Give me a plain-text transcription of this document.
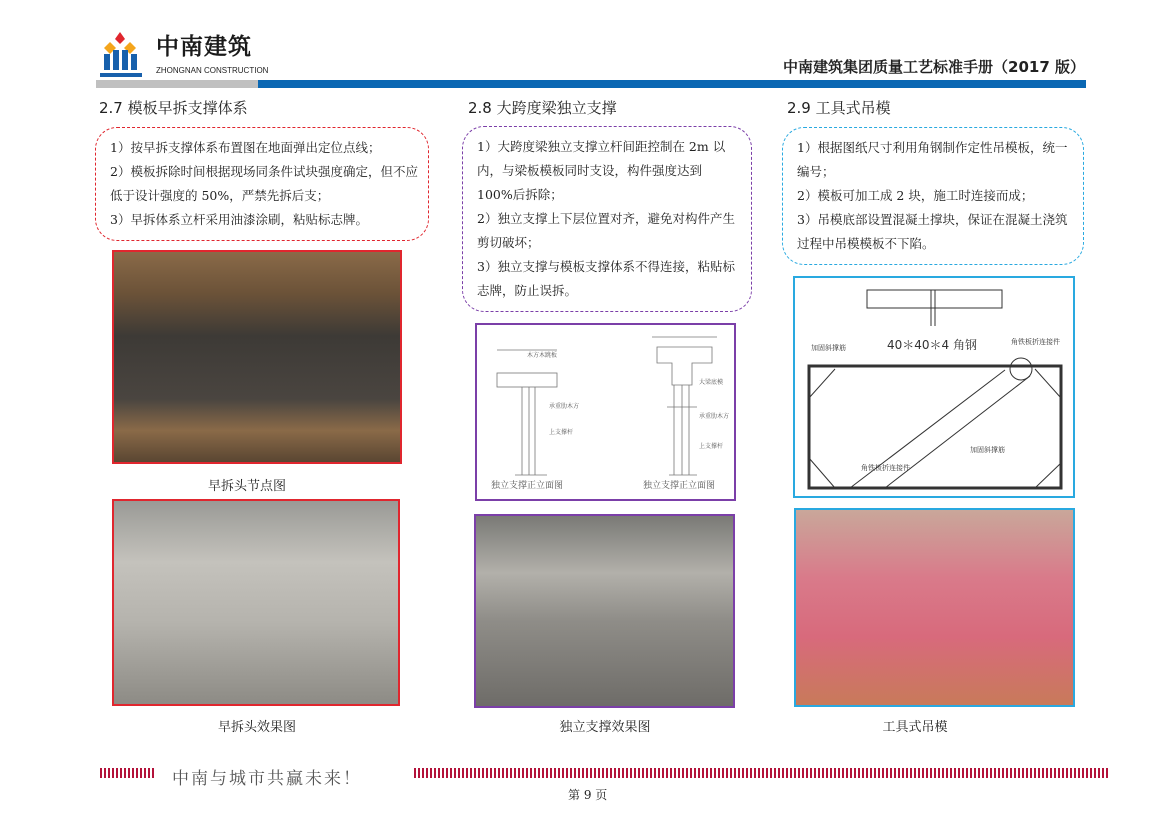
中南建筑
ZHONGNAN CONSTRUCTION	中南建筑集团质量工艺标准手册（2017 版）
2.7 模板早拆支撑体系	2.8 大跨度梁独立支撑	2.9 工具式吊模

1）按早拆支撑体系布置图在地面弹出定位点线；

2）模板拆除时间根据现场同条件试块强度确定，但不应低于设计强度的 50%，严禁先拆后支；

3）早拆体系立杆采用油漆涂刷，粘贴标志牌。

1）大跨度梁独立支撑立杆间距控制在 2m 以内，与梁板模板同时支设，构件强度达到 100%后拆除；

2）独立支撑上下层位置对齐，避免对构件产生剪切破坏；

3）独立支撑与模板支撑体系不得连接，粘贴标志牌，防止误拆。

1）根据图纸尺寸利用角钢制作定性吊模板，统一编号；

2）模板可加工成 2 块，施工时连接而成；

3）吊模底部设置混凝土撑块，保证在混凝土浇筑过程中吊模模板不下陷。

早拆头节点图
早拆头效果图
木方木跳板
承重肋木方
上支撑杆
大梁底模
承重肋木方
上支撑杆
独立支撑正立面图	独立支撑正立面图
独立支撑效果图
加固斜撑筋	40＊40＊4 角钢	角铁板折连接件
加固斜撑筋
角铁板折连接件
工具式吊模
中南与城市共赢未来！
第 9 页
